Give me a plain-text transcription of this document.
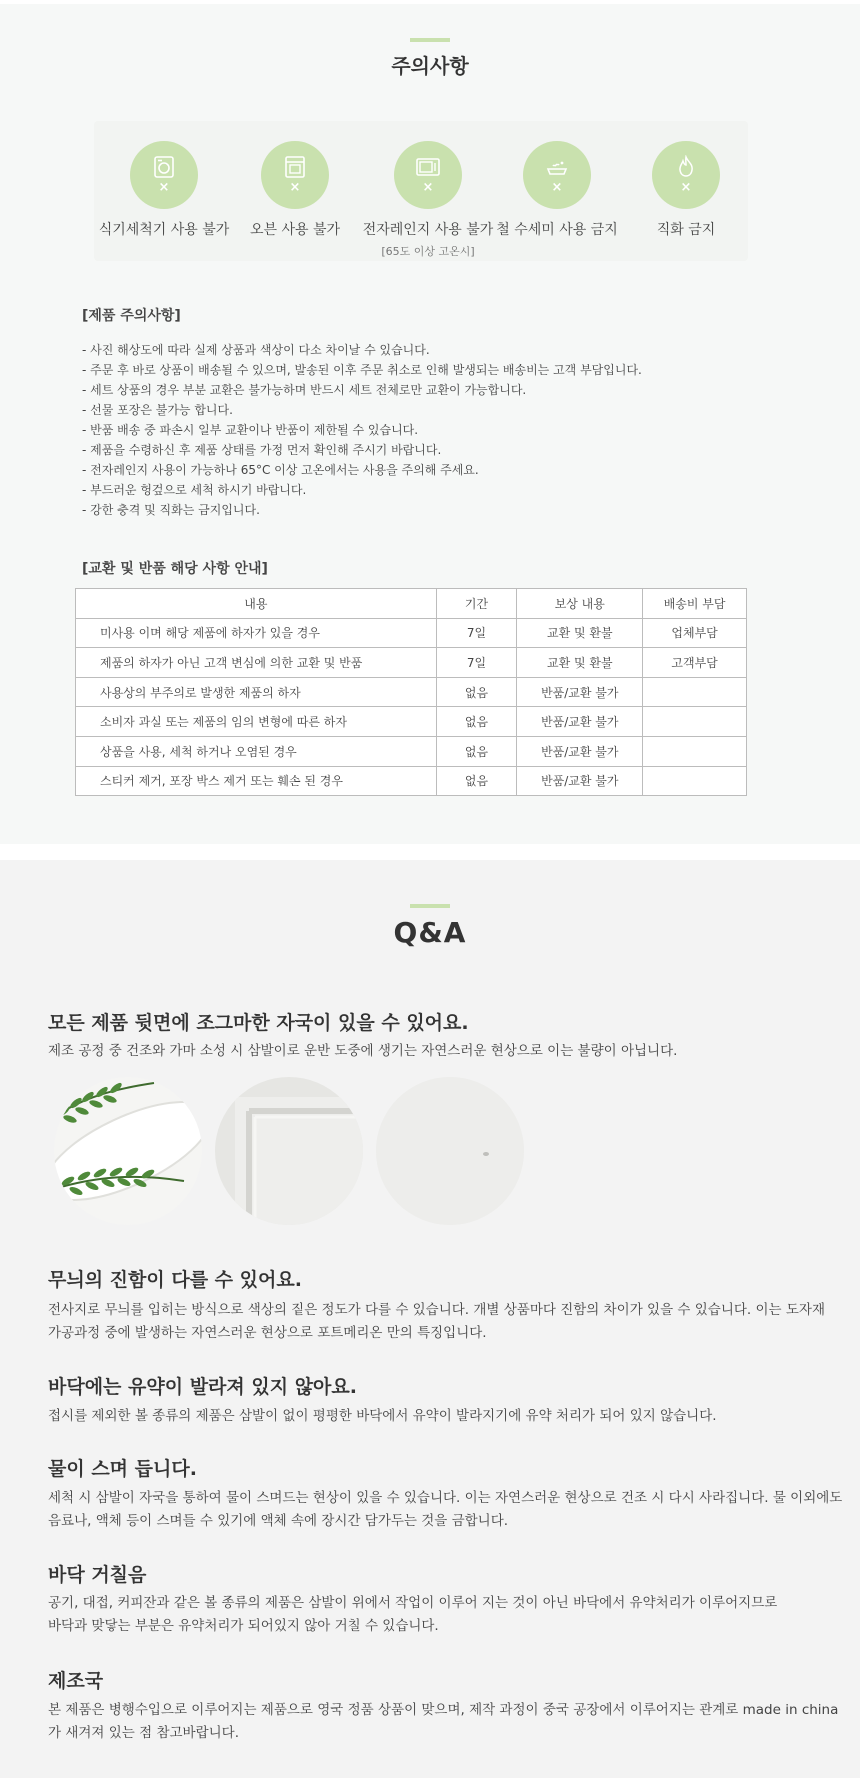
주의사항
×
식기세척기 사용 불가
×
오븐 사용 불가
×
전자레인지 사용 불가
[65도 이상 고온시]
×
철 수세미 사용 금지
×
직화 금지
[제품 주의사항]
- 사진 해상도에 따라 실제 상품과 색상이 다소 차이날 수 있습니다.
- 주문 후 바로 상품이 배송될 수 있으며, 발송된 이후 주문 취소로 인해 발생되는 배송비는 고객 부담입니다.
- 세트 상품의 경우 부분 교환은 불가능하며 반드시 세트 전체로만 교환이 가능합니다.
- 선물 포장은 불가능 합니다.
- 반품 배송 중 파손시 일부 교환이나 반품이 제한될 수 있습니다.
- 제품을 수령하신 후 제품 상태를 가정 먼저 확인해 주시기 바랍니다.
- 전자레인지 사용이 가능하나 65°C 이상 고온에서는 사용을 주의해 주세요.
- 부드러운 헝겊으로 세척 하시기 바랍니다.
- 강한 충격 및 직화는 금지입니다.
[교환 및 반품 해당 사항 안내]
내용	기간	보상 내용	배송비 부담
미사용 이며 해당 제품에 하자가 있을 경우	7일	교환 및 환불	업체부담
제품의 하자가 아닌 고객 변심에 의한 교환 및 반품	7일	교환 및 환불	고객부담
사용상의 부주의로 발생한 제품의 하자	없음	반품/교환 불가	
소비자 과실 또는 제품의 임의 변형에 따른 하자	없음	반품/교환 불가	
상품을 사용, 세척 하거나 오염된 경우	없음	반품/교환 불가	
스티커 제거, 포장 박스 제거 또는 훼손 된 경우	없음	반품/교환 불가	
Q&A
모든 제품 뒷면에 조그마한 자국이 있을 수 있어요.
제조 공정 중 건조와 가마 소성 시 삼발이로 운반 도중에 생기는 자연스러운 현상으로 이는 불량이 아닙니다.
무늬의 진함이 다를 수 있어요.
전사지로 무늬를 입히는 방식으로 색상의 짙은 정도가 다를 수 있습니다. 개별 상품마다 진함의 차이가 있을 수 있습니다. 이는 도자재
가공과정 중에 발생하는 자연스러운 현상으로 포트메리온 만의 특징입니다.
바닥에는 유약이 발라져 있지 않아요.
접시를 제외한 볼 종류의 제품은 삼발이 없이 평평한 바닥에서 유약이 발라지기에 유약 처리가 되어 있지 않습니다.
물이 스며 듭니다.
세척 시 삼발이 자국을 통하여 물이 스며드는 현상이 있을 수 있습니다. 이는 자연스러운 현상으로 건조 시 다시 사라집니다. 물 이외에도
음료나, 액체 등이 스며들 수 있기에 액체 속에 장시간 담가두는 것을 금합니다.
바닥 거칠음
공기, 대접, 커피잔과 같은 볼 종류의 제품은 삼발이 위에서 작업이 이루어 지는 것이 아닌 바닥에서 유약처리가 이루어지므로
바닥과 맞닿는 부분은 유약처리가 되어있지 않아 거칠 수 있습니다.
제조국
본 제품은 병행수입으로 이루어지는 제품으로 영국 정품 상품이 맞으며, 제작 과정이 중국 공장에서 이루어지는 관계로 made in china
가 새겨져 있는 점 참고바랍니다.
